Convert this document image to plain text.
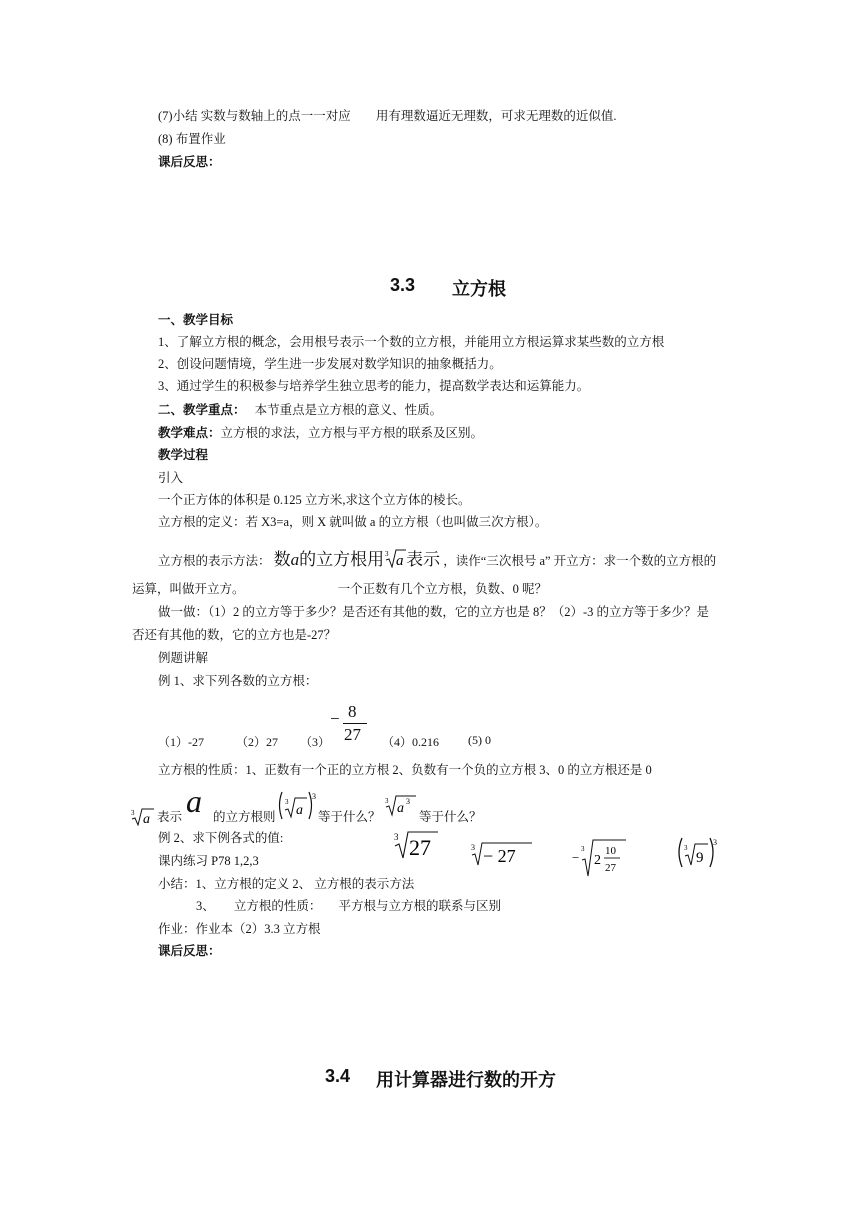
(7)小结 实数与数轴上的点一一对应 用有理数逼近无理数，可求无理数的近似值.
(8) 布置作业
课后反思：
3.3 立方根
一、教学目标
1、了解立方根的概念，会用根号表示一个数的立方根，并能用立方根运算求某些数的立方根
2、创设问题情境，学生进一步发展对数学知识的抽象概括力。
3、通过学生的积极参与培养学生独立思考的能力，提高数学表达和运算能力。
二、教学重点： 本节重点是立方根的意义、性质。
教学难点：立方根的求法，立方根与平方根的联系及区别。
教学过程
引入
一个正方体的体积是 0.125 立方米,求这个立方体的棱长。
立方根的定义：若 X3=a，则 X 就叫做 a 的立方根（也叫做三次方根）。
立方根的表示方法： 数a的立方根用 3 a 表示 ，读作“三次根号 a” 开立方：求一个数的立方根的
运算，叫做开立方。	一个正数有几个立方根，负数、0 呢？
做一做：（1）2 的立方等于多少？是否还有其他的数，它的立方也是 8？（2）-3 的立方等于多少？是
否还有其他的数，它的立方也是-27？
例题讲解
例 1、求下列各数的立方根：
（1）-27	（2）27 （3）
− 8
27 （4）0.216 (5) 0
立方根的性质：1、正数有一个正的立方根 2、负数有一个负的立方根 3、0 的立方根还是 0
3 a 表示 a 的立方根则
3
a
3
等于什么？
3 a 3
等于什么？
例 2、求下例各式的值:
课内练习 P78 1,2,3
3 27	3 − 27	−
3
2
10
27
3
9
3
小结：1、立方根的定义 2、 立方根的表示方法
3、 立方根的性质： 平方根与立方根的联系与区别
作业：作业本（2）3.3 立方根
课后反思：
3.4 用计算器进行数的开方
